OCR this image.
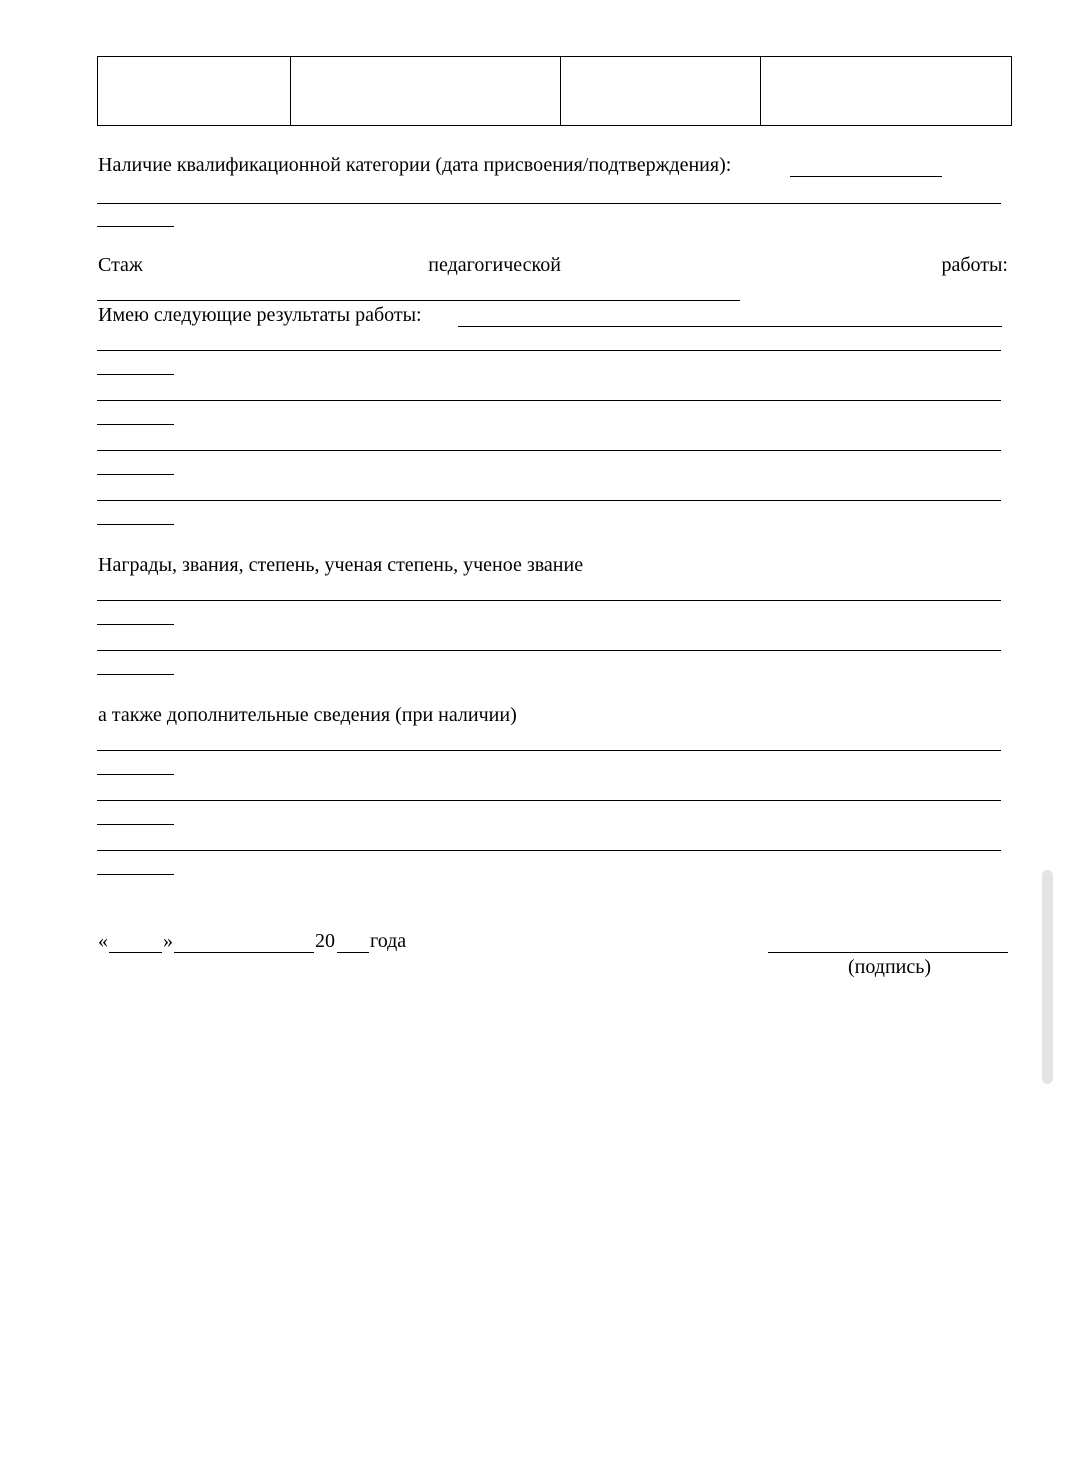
Наличие квалификационной категории (дата присвоения/подтверждения):
Стаж	педагогической	работы:
Имею следующие результаты работы:
Награды, звания, степень, ученая степень, ученое звание
а также дополнительные сведения (при наличии)
«	»	20 года
(подпись)
